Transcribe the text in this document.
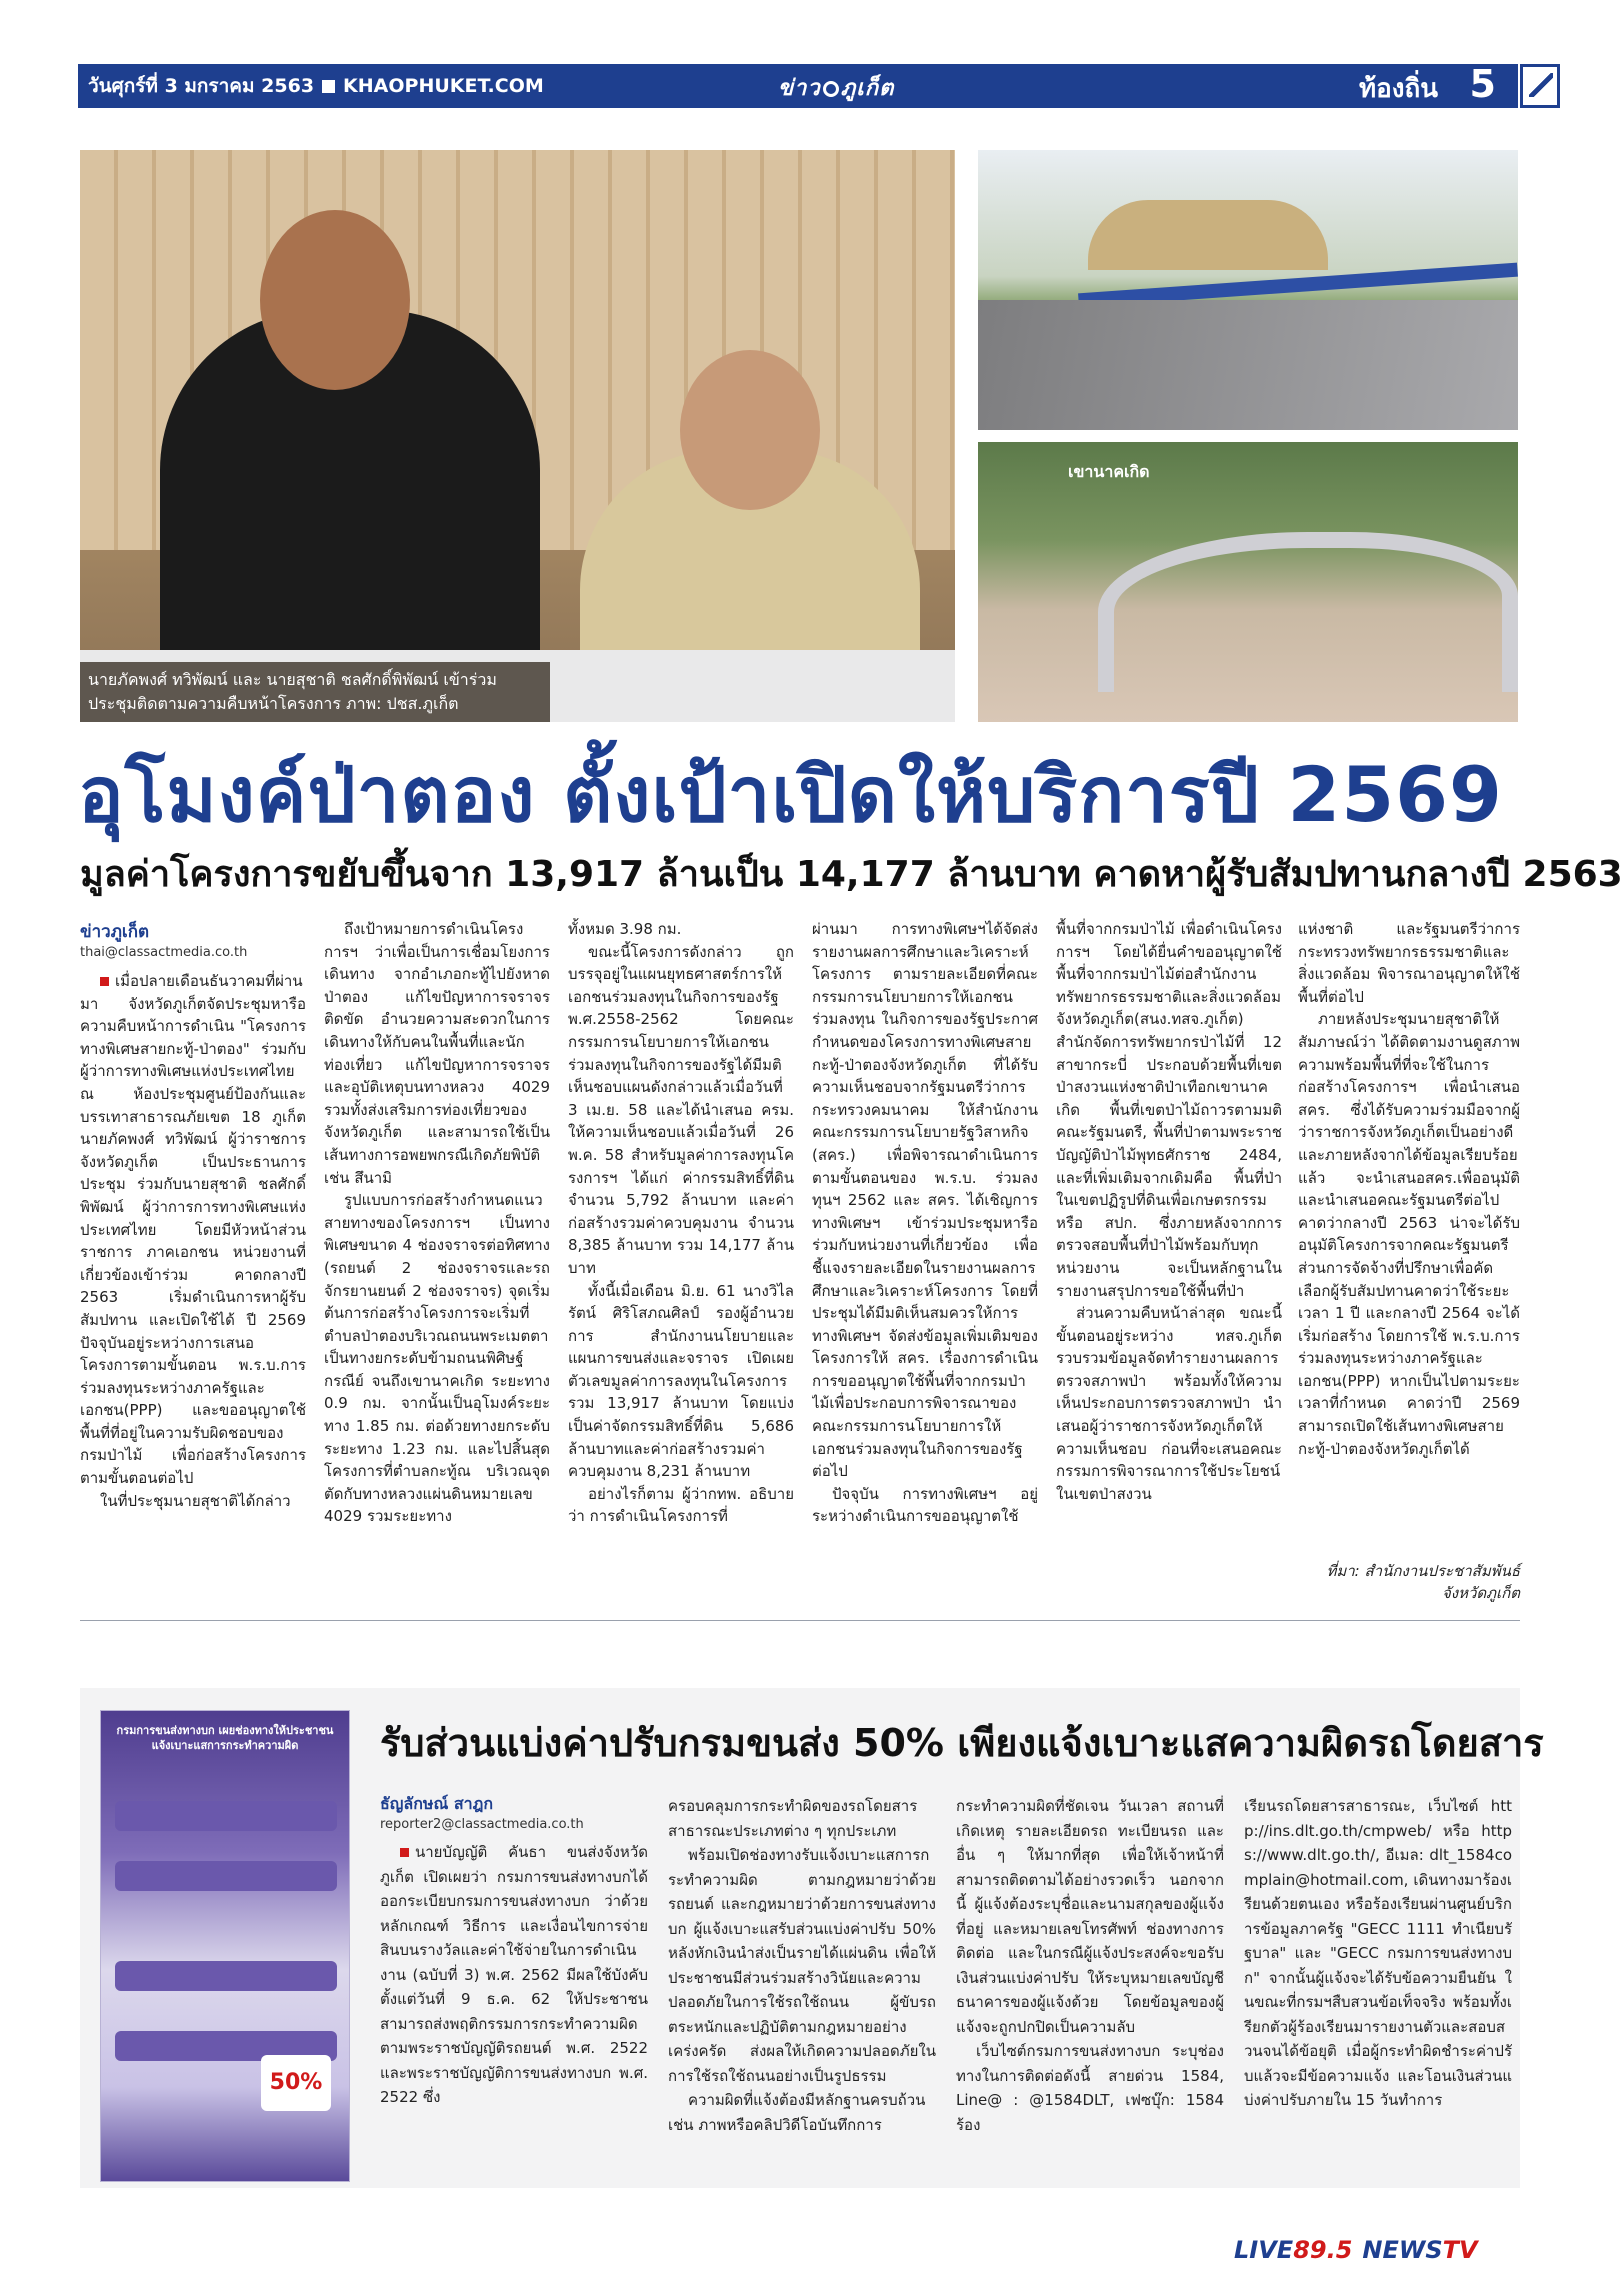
วันศุกร์ที่ 3 มกราคม 2563 KHAOPHUKET.COM	ข่าว ภูเก็ต	ท้องถิ่น 5
นายภัคพงศ์ ทวิพัฒน์ และ นายสุชาติ ชลศักดิ์พิพัฒน์ เข้าร่วมประชุมติดตามความคืบหน้าโครงการ ภาพ: ปชส.ภูเก็ต
เขานาคเกิด
อุโมงค์ป่าตอง ตั้งเป้าเปิดให้บริการปี 2569
มูลค่าโครงการขยับขึ้นจาก 13,917 ล้านเป็น 14,177 ล้านบาท คาดหาผู้รับสัมปทานกลางปี 2563
ข่าวภูเก็ต
thai@classactmedia.co.th

เมื่อปลายเดือนธันวาคมที่ผ่านมา จังหวัดภูเก็ตจัดประชุมหารือความคืบหน้าการดำเนิน "โครงการทางพิเศษสายกะทู้-ป่าตอง" ร่วมกับผู้ว่าการทางพิเศษแห่งประเทศไทย ณ ห้องประชุมศูนย์ป้องกันและบรรเทาสาธารณภัยเขต 18 ภูเก็ต นายภัคพงศ์ ทวิพัฒน์ ผู้ว่าราชการจังหวัดภูเก็ต เป็นประธานการประชุม ร่วมกับนายสุชาติ ชลศักดิ์พิพัฒน์ ผู้ว่าการการทางพิเศษแห่งประเทศไทย โดยมีหัวหน้าส่วนราชการ ภาคเอกชน หน่วยงานที่เกี่ยวข้องเข้าร่วม คาดกลางปี 2563 เริ่มดำเนินการหาผู้รับสัมปทาน และเปิดใช้ได้ ปี 2569 ปัจจุบันอยู่ระหว่างการเสนอโครงการตามขั้นตอน พ.ร.บ.การร่วมลงทุนระหว่างภาครัฐและเอกชน(PPP) และขออนุญาตใช้พื้นที่ที่อยู่ในความรับผิดชอบของกรมป่าไม้ เพื่อก่อสร้างโครงการตามขั้นตอนต่อไป

ในที่ประชุมนายสุชาติได้กล่าว

ถึงเป้าหมายการดำเนินโครงการฯ ว่าเพื่อเป็นการเชื่อมโยงการเดินทาง จากอำเภอกะทู้ไปยังหาดป่าตอง แก้ไขปัญหาการจราจรติดขัด อำนวยความสะดวกในการเดินทางให้กับคนในพื้นที่และนักท่องเที่ยว แก้ไขปัญหาการจราจรและอุบัติเหตุบนทางหลวง 4029 รวมทั้งส่งเสริมการท่องเที่ยวของจังหวัดภูเก็ต และสามารถใช้เป็นเส้นทางการอพยพกรณีเกิดภัยพิบัติ เช่น สึนามิ

รูปแบบการก่อสร้างกำหนดแนวสายทางของโครงการฯ เป็นทางพิเศษขนาด 4 ช่องจราจรต่อทิศทาง (รถยนต์ 2 ช่องจราจรและรถจักรยานยนต์ 2 ช่องจราจร) จุดเริ่มต้นการก่อสร้างโครงการจะเริ่มที่ตำบลป่าตองบริเวณถนนพระเมตตา เป็นทางยกระดับข้ามถนนพิศิษฐ์กรณีย์ จนถึงเขานาคเกิด ระยะทาง 0.9 กม. จากนั้นเป็นอุโมงค์ระยะทาง 1.85 กม. ต่อด้วยทางยกระดับระยะทาง 1.23 กม. และไปสิ้นสุดโครงการที่ตำบลกะทู้ณ บริเวณจุดตัดกับทางหลวงแผ่นดินหมายเลข 4029 รวมระยะทาง

ทั้งหมด 3.98 กม.

ขณะนี้โครงการดังกล่าว ถูกบรรจุอยู่ในแผนยุทธศาสตร์การให้เอกชนร่วมลงทุนในกิจการของรัฐ พ.ศ.2558-2562 โดยคณะกรรมการนโยบายการให้เอกชนร่วมลงทุนในกิจการของรัฐได้มีมติเห็นชอบแผนดังกล่าวแล้วเมื่อวันที่ 3 เม.ย. 58 และได้นำเสนอ ครม. ให้ความเห็นชอบแล้วเมื่อวันที่ 26 พ.ค. 58 สำหรับมูลค่าการลงทุนโครงการฯ ได้แก่ ค่ากรรมสิทธิ์ที่ดิน จำนวน 5,792 ล้านบาท และค่าก่อสร้างรวมค่าควบคุมงาน จำนวน 8,385 ล้านบาท รวม 14,177 ล้านบาท

ทั้งนี้เมื่อเดือน มิ.ย. 61 นางวิไลรัตน์ ศิริโสภณศิลป์ รองผู้อำนวยการ สำนักงานนโยบายและแผนการขนส่งและจราจร เปิดเผยตัวเลขมูลค่าการลงทุนในโครงการรวม 13,917 ล้านบาท โดยแบ่งเป็นค่าจัดกรรมสิทธิ์ที่ดิน 5,686 ล้านบาทและค่าก่อสร้างรวมค่าควบคุมงาน 8,231 ล้านบาท

อย่างไรก็ตาม ผู้ว่ากทพ. อธิบายว่า การดำเนินโครงการที่

ผ่านมา การทางพิเศษฯได้จัดส่งรายงานผลการศึกษาและวิเคราะห์โครงการ ตามรายละเอียดที่คณะกรรมการนโยบายการให้เอกชนร่วมลงทุน ในกิจการของรัฐประกาศกำหนดของโครงการทางพิเศษสายกะทู้-ป่าตองจังหวัดภูเก็ต ที่ได้รับความเห็นชอบจากรัฐมนตรีว่าการกระทรวงคมนาคม ให้สำนักงานคณะกรรมการนโยบายรัฐวิสาหกิจ (สคร.) เพื่อพิจารณาดำเนินการตามขั้นตอนของ พ.ร.บ. ร่วมลงทุนฯ 2562 และ สคร. ได้เชิญการทางพิเศษฯ เข้าร่วมประชุมหารือร่วมกับหน่วยงานที่เกี่ยวข้อง เพื่อชี้แจงรายละเอียดในรายงานผลการศึกษาและวิเคราะห์โครงการ โดยที่ประชุมได้มีมติเห็นสมควรให้การทางพิเศษฯ จัดส่งข้อมูลเพิ่มเติมของโครงการให้ สคร. เรื่องการดำเนินการขออนุญาตใช้พื้นที่จากกรมป่าไม้เพื่อประกอบการพิจารณาของคณะกรรมการนโยบายการให้เอกชนร่วมลงทุนในกิจการของรัฐต่อไป

ปัจจุบัน การทางพิเศษฯ อยู่ระหว่างดำเนินการขออนุญาตใช้

พื้นที่จากกรมป่าไม้ เพื่อดำเนินโครงการฯ โดยได้ยื่นคำขออนุญาตใช้พื้นที่จากกรมป่าไม้ต่อสำนักงานทรัพยากรธรรมชาติและสิ่งแวดล้อมจังหวัดภูเก็ต(สนง.ทสจ.ภูเก็ต) สำนักจัดการทรัพยากรป่าไม้ที่ 12 สาขากระบี่ ประกอบด้วยพื้นที่เขตป่าสงวนแห่งชาติป่าเทือกเขานาคเกิด พื้นที่เขตป่าไม้ถาวรตามมติคณะรัฐมนตรี, พื้นที่ป่าตามพระราชบัญญัติป่าไม้พุทธศักราช 2484, และที่เพิ่มเติมจากเดิมคือ พื้นที่ป่าในเขตปฏิรูปที่ดินเพื่อเกษตรกรรม หรือ สปก. ซึ่งภายหลังจากการตรวจสอบพื้นที่ป่าไม้พร้อมกับทุกหน่วยงาน จะเป็นหลักฐานในรายงานสรุปการขอใช้พื้นที่ป่า

ส่วนความคืบหน้าล่าสุด ขณะนี้ขั้นตอนอยู่ระหว่าง ทสจ.ภูเก็ต รวบรวมข้อมูลจัดทำรายงานผลการตรวจสภาพป่า พร้อมทั้งให้ความเห็นประกอบการตรวจสภาพป่า นำเสนอผู้ว่าราชการจังหวัดภูเก็ตให้ความเห็นชอบ ก่อนที่จะเสนอคณะกรรมการพิจารณาการใช้ประโยชน์ในเขตป่าสงวน

แห่งชาติ และรัฐมนตรีว่าการกระทรวงทรัพยากรธรรมชาติและสิ่งแวดล้อม พิจารณาอนุญาตให้ใช้พื้นที่ต่อไป

ภายหลังประชุมนายสุชาติให้สัมภาษณ์ว่า ได้ติดตามงานดูสภาพความพร้อมพื้นที่ที่จะใช้ในการก่อสร้างโครงการฯ เพื่อนำเสนอ สคร. ซึ่งได้รับความร่วมมือจากผู้ว่าราชการจังหวัดภูเก็ตเป็นอย่างดีและภายหลังจากได้ข้อมูลเรียบร้อยแล้ว จะนำเสนอสคร.เพื่ออนุมัติและนำเสนอคณะรัฐมนตรีต่อไป คาดว่ากลางปี 2563 น่าจะได้รับอนุมัติโครงการจากคณะรัฐมนตรี ส่วนการจัดจ้างที่ปรึกษาเพื่อคัดเลือกผู้รับสัมปทานคาดว่าใช้ระยะเวลา 1 ปี และกลางปี 2564 จะได้เริ่มก่อสร้าง โดยการใช้ พ.ร.บ.การร่วมลงทุนระหว่างภาครัฐและเอกชน(PPP) หากเป็นไปตามระยะเวลาที่กำหนด คาดว่าปี 2569 สามารถเปิดใช้เส้นทางพิเศษสายกะทู้-ป่าตองจังหวัดภูเก็ตได้

ที่มา: สำนักงานประชาสัมพันธ์จังหวัดภูเก็ต
กรมการขนส่งทางบก เผยช่องทางให้ประชาชน แจ้งเบาะแสการกระทำความผิด
50%
รับส่วนแบ่งค่าปรับกรมขนส่ง 50% เพียงแจ้งเบาะแสความผิดรถโดยสาร
ธัญลักษณ์ สาฎก
reporter2@classactmedia.co.th

นายบัญญัติ คันธา ขนส่งจังหวัดภูเก็ต เปิดเผยว่า กรมการขนส่งทางบกได้ออกระเบียบกรมการขนส่งทางบก ว่าด้วยหลักเกณฑ์ วิธีการ และเงื่อนไขการจ่ายสินบนรางวัลและค่าใช้จ่ายในการดำเนินงาน (ฉบับที่ 3) พ.ศ. 2562 มีผลใช้บังคับตั้งแต่วันที่ 9 ธ.ค. 62 ให้ประชาชนสามารถส่งพฤติกรรมการกระทำความผิด ตามพระราชบัญญัติรถยนต์ พ.ศ. 2522 และพระราชบัญญัติการขนส่งทางบก พ.ศ. 2522 ซึ่ง

ครอบคลุมการกระทำผิดของรถโดยสารสาธารณะประเภทต่าง ๆ ทุกประเภท

พร้อมเปิดช่องทางรับแจ้งเบาะแสการกระทำความผิด ตามกฎหมายว่าด้วยรถยนต์ และกฎหมายว่าด้วยการขนส่งทางบก ผู้แจ้งเบาะแสรับส่วนแบ่งค่าปรับ 50% หลังหักเงินนำส่งเป็นรายได้แผ่นดิน เพื่อให้ประชาชนมีส่วนร่วมสร้างวินัยและความปลอดภัยในการใช้รถใช้ถนน ผู้ขับรถตระหนักและปฏิบัติตามกฎหมายอย่างเคร่งครัด ส่งผลให้เกิดความปลอดภัยในการใช้รถใช้ถนนอย่างเป็นรูปธรรม

ความผิดที่แจ้งต้องมีหลักฐานครบถ้วน เช่น ภาพหรือคลิปวิดีโอบันทึกการ

กระทำความผิดที่ชัดเจน วันเวลา สถานที่เกิดเหตุ รายละเอียดรถ ทะเบียนรถ และอื่น ๆ ให้มากที่สุด เพื่อให้เจ้าหน้าที่สามารถติดตามได้อย่างรวดเร็ว นอกจากนี้ ผู้แจ้งต้องระบุชื่อและนามสกุลของผู้แจ้ง ที่อยู่ และหมายเลขโทรศัพท์ ช่องทางการติดต่อ และในกรณีผู้แจ้งประสงค์จะขอรับเงินส่วนแบ่งค่าปรับ ให้ระบุหมายเลขบัญชีธนาคารของผู้แจ้งด้วย โดยข้อมูลของผู้แจ้งจะถูกปกปิดเป็นความลับ

เว็บไซต์กรมการขนส่งทางบก ระบุช่องทางในการติดต่อดังนี้ สายด่วน 1584, Line@ : @1584DLT, เฟซบุ๊ก: 1584 ร้อง

เรียนรถโดยสารสาธารณะ, เว็บไซต์ http://ins.dlt.go.th/cmpweb/ หรือ https://www.dlt.go.th/, อีเมล: dlt_1584complain@hotmail.com, เดินทางมาร้องเรียนด้วยตนเอง หรือร้องเรียนผ่านศูนย์บริการข้อมูลภาครัฐ "GECC 1111 ทำเนียบรัฐบาล" และ "GECC กรมการขนส่งทางบก" จากนั้นผู้แจ้งจะได้รับข้อความยืนยัน ในขณะที่กรมฯสืบสวนข้อเท็จจริง พร้อมทั้งเรียกตัวผู้ร้องเรียนมารายงานตัวและสอบสวนจนได้ข้อยุติ เมื่อผู้กระทำผิดชำระค่าปรับแล้วจะมีข้อความแจ้ง และโอนเงินส่วนแบ่งค่าปรับภายใน 15 วันทำการ

LIVE89.5 NEWSTV
